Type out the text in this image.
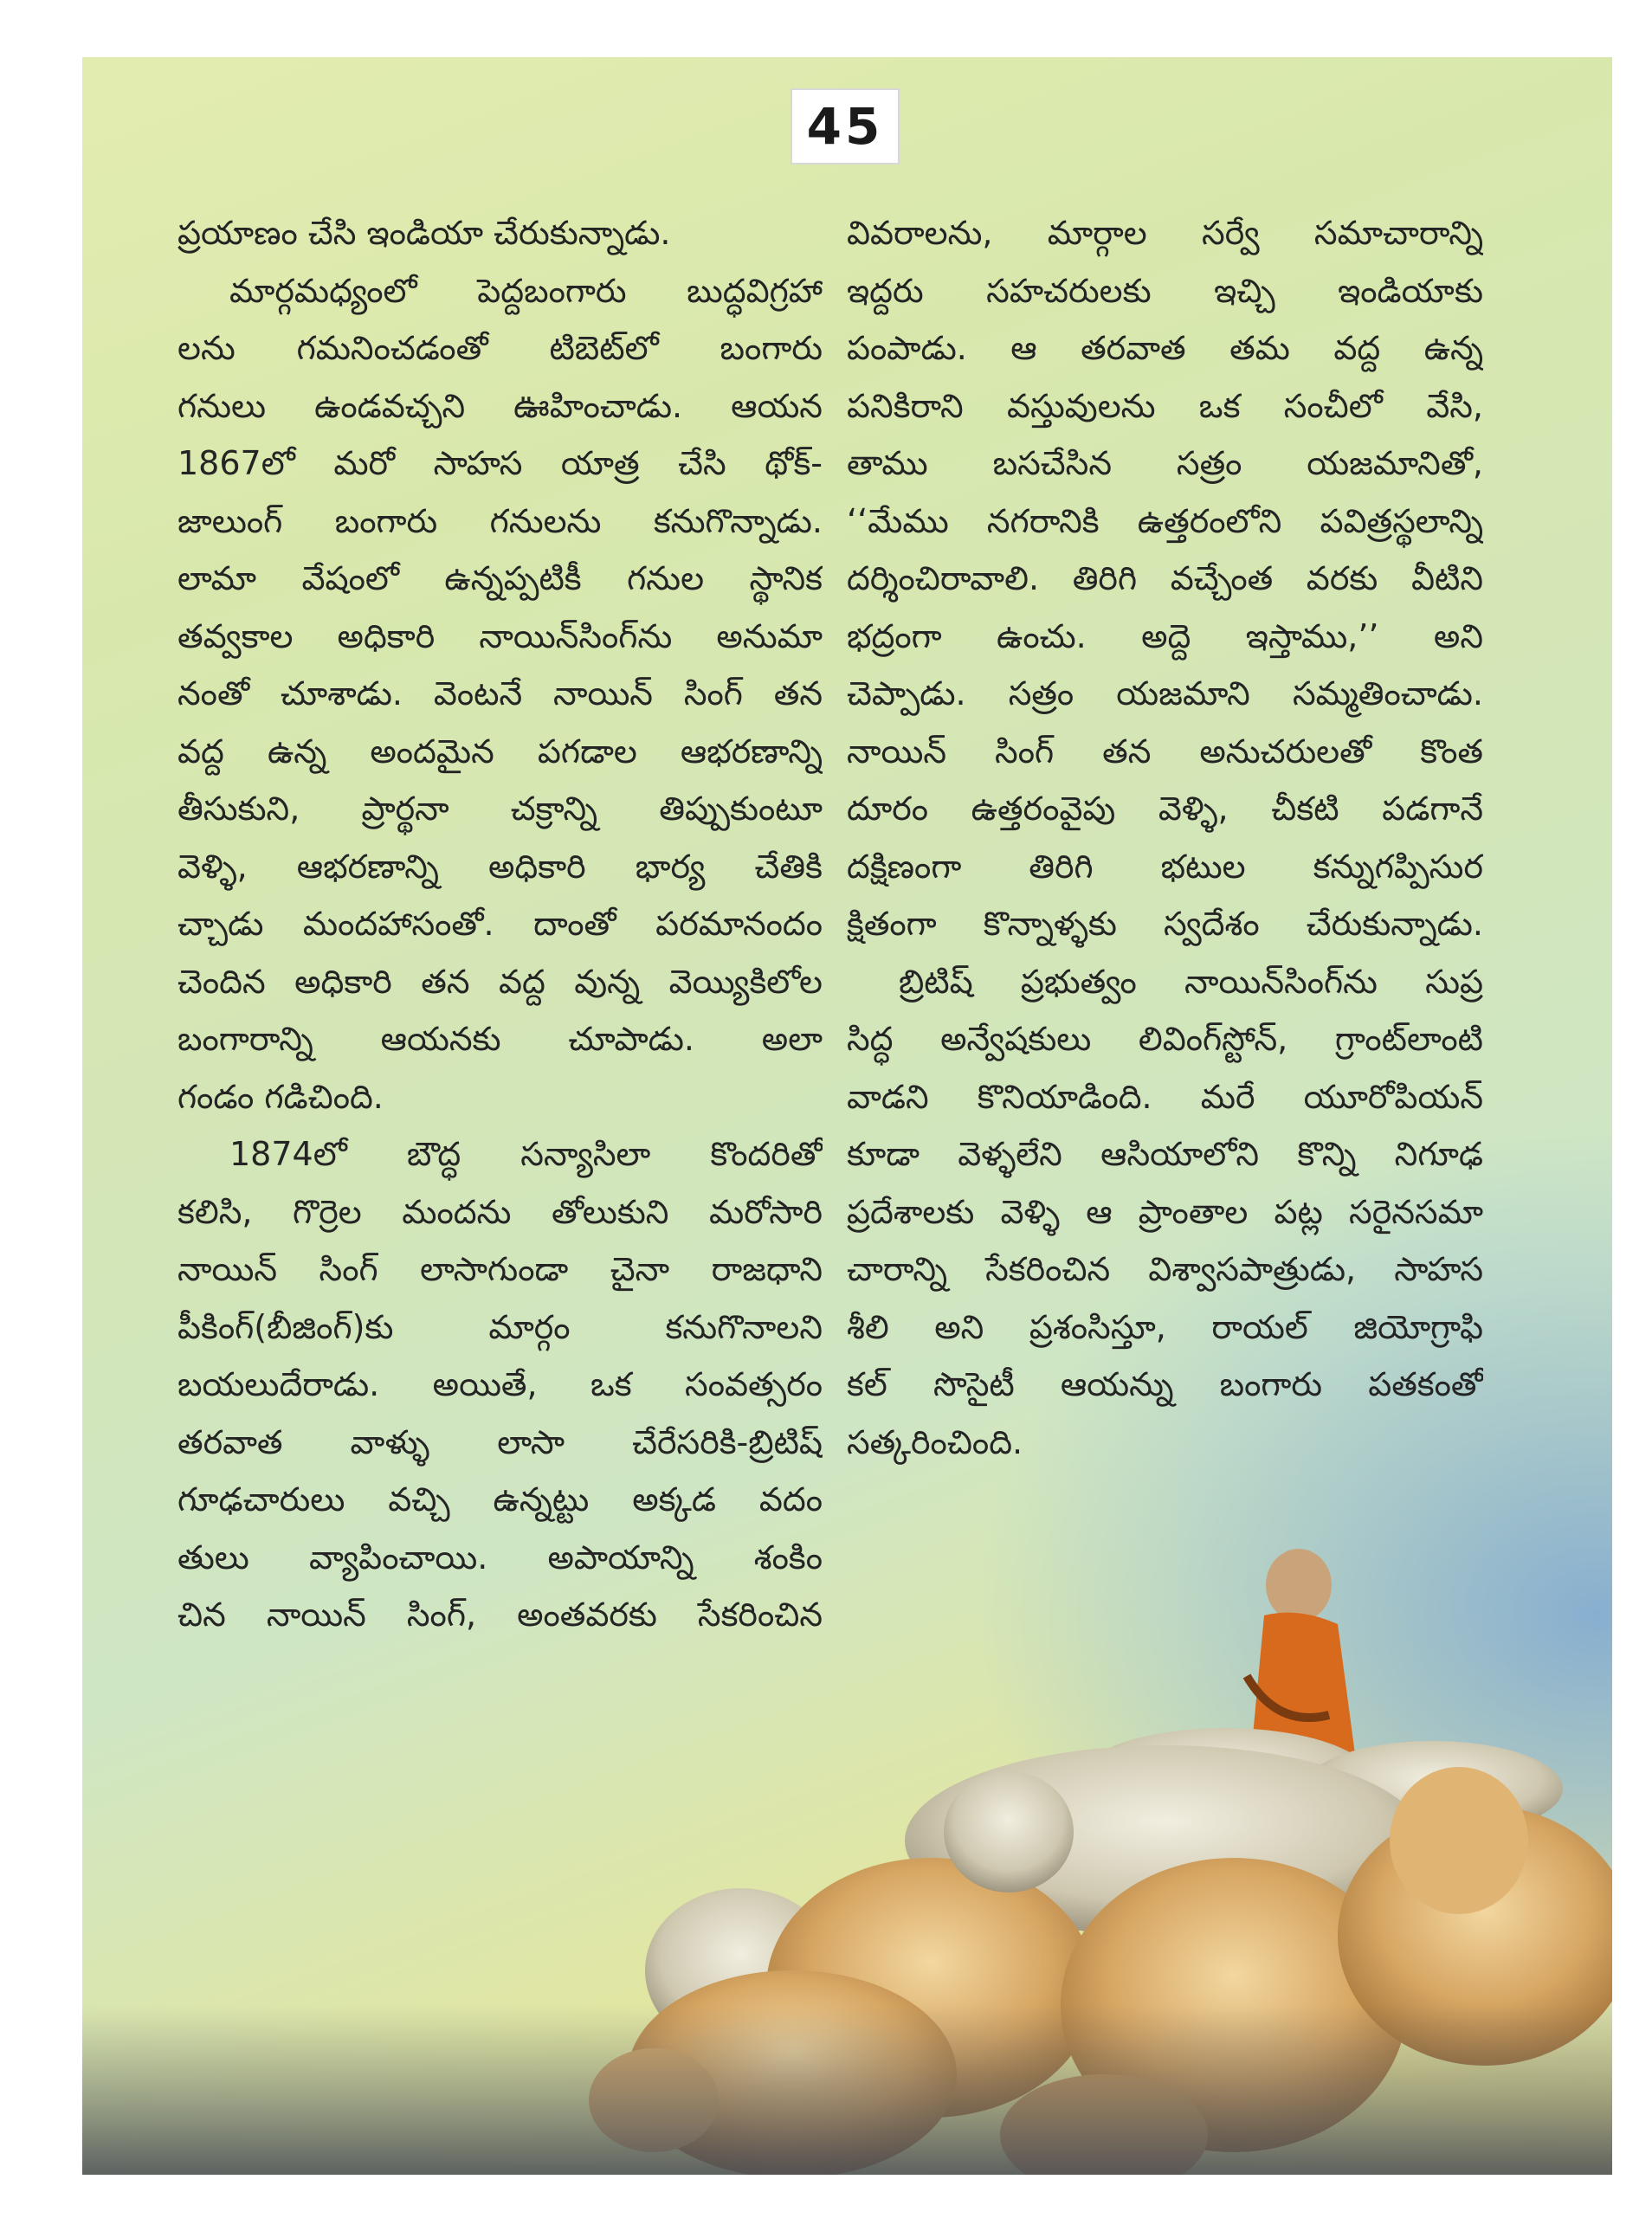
45
ప్రయాణం చేసి ఇండియా చేరుకున్నాడు.
మార్గమధ్యంలో పెద్దబంగారు బుద్ధవిగ్రహా
లను గమనించడంతో టిబెట్‌లో బంగారు
గనులు ఉండవచ్చని ఊహించాడు. ఆయన
1867లో మరో సాహస యాత్ర చేసి థోక్-
జాలుంగ్ బంగారు గనులను కనుగొన్నాడు.
లామా వేషంలో ఉన్నప్పటికీ గనుల స్థానిక
తవ్వకాల అధికారి నాయిన్‌సింగ్‌ను అనుమా
నంతో చూశాడు. వెంటనే నాయిన్ సింగ్ తన
వద్ద ఉన్న అందమైన పగడాల ఆభరణాన్ని
తీసుకుని, ప్రార్థనా చక్రాన్ని తిప్పుకుంటూ
వెళ్ళి, ఆభరణాన్ని అధికారి భార్య చేతికి
చ్చాడు మందహాసంతో. దాంతో పరమానందం
చెందిన అధికారి తన వద్ద వున్న వెయ్యికిలోల
బంగారాన్ని ఆయనకు చూపాడు. అలా
గండం గడిచింది.
1874లో బౌద్ధ సన్యాసిలా కొందరితో
కలిసి, గొర్రెల మందను తోలుకుని మరోసారి
నాయిన్ సింగ్ లాసాగుండా చైనా రాజధాని
పీకింగ్(బీజింగ్)కు మార్గం కనుగొనాలని
బయలుదేరాడు. అయితే, ఒక సంవత్సరం
తరవాత వాళ్ళు లాసా చేరేసరికి-బ్రిటిష్
గూఢచారులు వచ్చి ఉన్నట్టు అక్కడ వదం
తులు వ్యాపించాయి. అపాయాన్ని శంకిం
చిన నాయిన్ సింగ్, అంతవరకు సేకరించిన
వివరాలను, మార్గాల సర్వే సమాచారాన్ని
ఇద్దరు సహచరులకు ఇచ్చి ఇండియాకు
పంపాడు. ఆ తరవాత తమ వద్ద ఉన్న
పనికిరాని వస్తువులను ఒక సంచీలో వేసి,
తాము బసచేసిన సత్రం యజమానితో,
‘‘మేము నగరానికి ఉత్తరంలోని పవిత్రస్థలాన్ని
దర్శించిరావాలి. తిరిగి వచ్చేంత వరకు వీటిని
భద్రంగా ఉంచు. అద్దె ఇస్తాము,’’ అని
చెప్పాడు. సత్రం యజమాని సమ్మతించాడు.
నాయిన్ సింగ్ తన అనుచరులతో కొంత
దూరం ఉత్తరంవైపు వెళ్ళి, చీకటి పడగానే
దక్షిణంగా తిరిగి భటుల కన్నుగప్పిసుర
క్షితంగా కొన్నాళ్ళకు స్వదేశం చేరుకున్నాడు.
బ్రిటిష్ ప్రభుత్వం నాయిన్‌సింగ్‌ను సుప్ర
సిద్ధ అన్వేషకులు లివింగ్‌స్టోన్, గ్రాంట్‌లాంటి
వాడని కొనియాడింది. మరే యూరోపియన్
కూడా వెళ్ళలేని ఆసియాలోని కొన్ని నిగూఢ
ప్రదేశాలకు వెళ్ళి ఆ ప్రాంతాల పట్ల సరైనసమా
చారాన్ని సేకరించిన విశ్వాసపాత్రుడు, సాహస
శీలి అని ప్రశంసిస్తూ, రాయల్ జియోగ్రాఫి
కల్ సొసైటీ ఆయన్ను బంగారు పతకంతో
సత్కరించింది.
